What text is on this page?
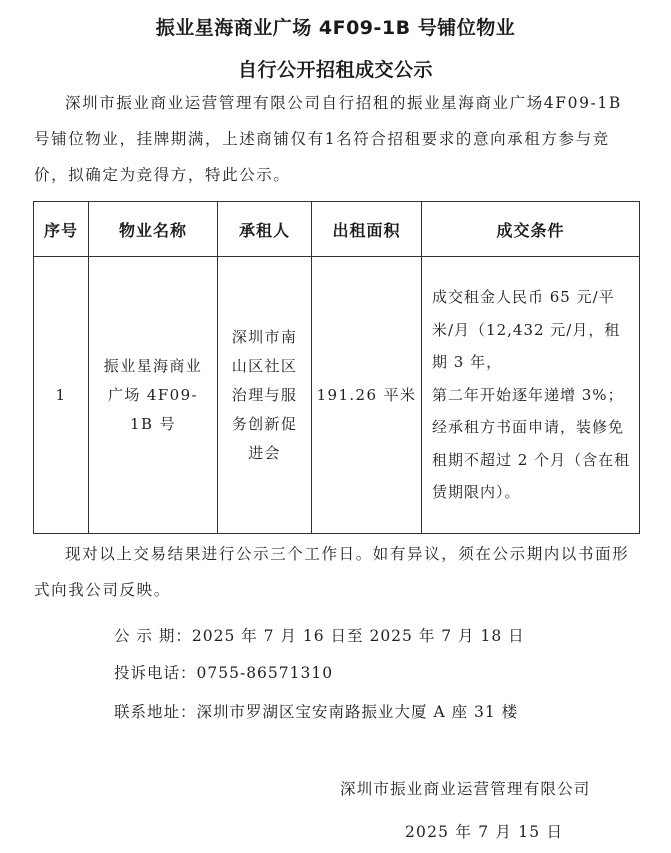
振业星海商业广场 4F09-1B 号铺位物业
自行公开招租成交公示

深圳市振业商业运营管理有限公司自行招租的振业星海商业广场4F09-1B号铺位物业，挂牌期满，上述商铺仅有1名符合招租要求的意向承租方参与竞价，拟确定为竞得方，特此公示。

序号	物业名称	承租人	出租面积	成交条件
1	振业星海商业广场 4F09-1B 号	深圳市南山区社区治理与服务创新促进会	191.26 平米	成交租金人民币 65 元/平米/月（12,432 元/月，租期 3 年，
第二年开始逐年递增 3%；
经承租方书面申请，装修免租期不超过 2 个月（含在租赁期限内）。

现对以上交易结果进行公示三个工作日。如有异议，须在公示期内以书面形式向我公司反映。

公 示 期：2025 年 7 月 16 日至 2025 年 7 月 18 日
投诉电话：0755-86571310
联系地址：深圳市罗湖区宝安南路振业大厦 A 座 31 楼
深圳市振业商业运营管理有限公司
2025 年 7 月 15 日
